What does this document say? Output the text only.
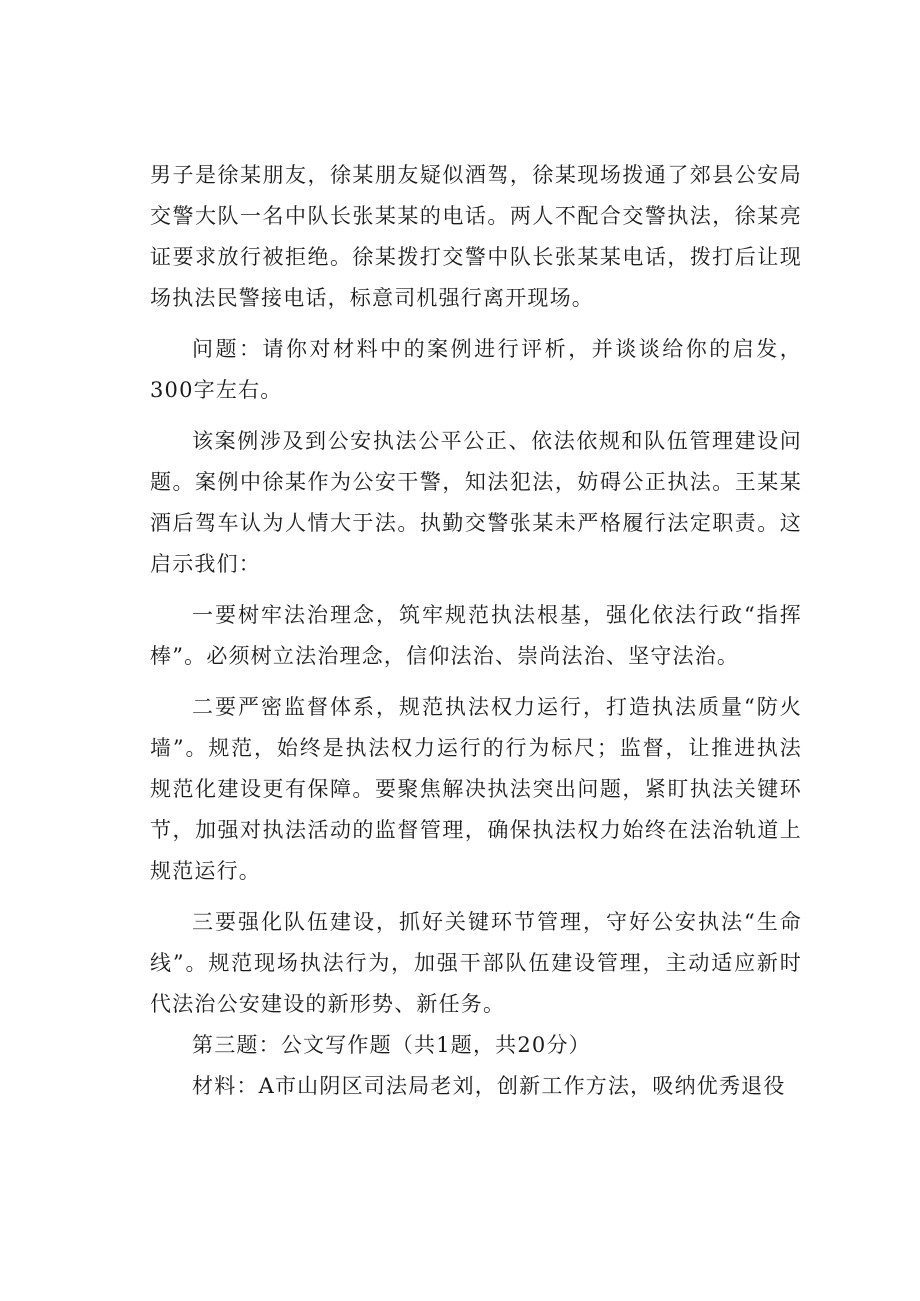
男子是徐某朋友，徐某朋友疑似酒驾，徐某现场拨通了郊县公安局交警大队一名中队长张某某的电话。两人不配合交警执法，徐某亮证要求放行被拒绝。徐某拨打交警中队长张某某电话，拨打后让现场执法民警接电话，标意司机强行离开现场。

问题：请你对材料中的案例进行评析，并谈谈给你的启发，300字左右。

该案例涉及到公安执法公平公正、依法依规和队伍管理建设问题。案例中徐某作为公安干警，知法犯法，妨碍公正执法。王某某酒后驾车认为人情大于法。执勤交警张某未严格履行法定职责。这启示我们：

一要树牢法治理念，筑牢规范执法根基，强化依法行政“指挥棒”。必须树立法治理念，信仰法治、崇尚法治、坚守法治。

二要严密监督体系，规范执法权力运行，打造执法质量“防火墙”。规范，始终是执法权力运行的行为标尺；监督，让推进执法规范化建设更有保障。要聚焦解决执法突出问题，紧盯执法关键环节，加强对执法活动的监督管理，确保执法权力始终在法治轨道上规范运行。

三要强化队伍建设，抓好关键环节管理，守好公安执法“生命线”。规范现场执法行为，加强干部队伍建设管理，主动适应新时代法治公安建设的新形势、新任务。

第三题：公文写作题（共1题，共20分）

材料：A市山阴区司法局老刘，创新工作方法，吸纳优秀退役
